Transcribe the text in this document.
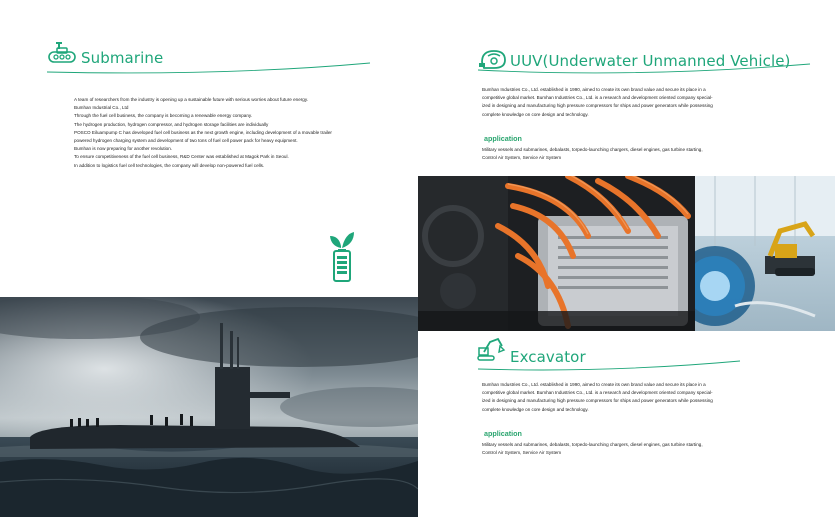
Submarine
A team of researchers from the industry is opening up a sustainable future with serious worries about future energy.
Bumhan Industrial Co., Ltd
Through the fuel cell business, the company is becoming a renewable energy company.
The hydrogen production, hydrogen compressor, and hydrogen storage facilities are individually
POSCO Eiluampump C has developed fuel cell business as the next growth engine, including development of a movable trailer
powered hydrogen charging system and development of two tons of fuel cell power pack for heavy equipment.
Bumhan is now preparing for another revolution.
To ensure competitiveness of the fuel cell business, R&D Center was established at Magok Park in Seoul.
In addition to logistics fuel cell technologies, the company will develop non-powered fuel cells.
UUV(Underwater Unmanned Vehicle)
Bumhan Industries Co., Ltd. established in 1990, aimed to create its own brand value and secure its place in a
competitive global market. Bumhan Industries Co., Ltd. is a research and development oriented company special-
ized in designing and manufacturing high pressure compressors for ships and power generators while possessing
complete knowledge on core design and technology.
application
Military vessels and submarines, debalasts, torpedo-launching chargers, diesel engines, gas turbine starting,
Control Air System, Service Air System
Excavator
Bumhan Industries Co., Ltd. established in 1990, aimed to create its own brand value and secure its place in a
competitive global market. Bumhan Industries Co., Ltd. is a research and development oriented company special-
ized in designing and manufacturing high pressure compressors for ships and power generators while possessing
complete knowledge on core design and technology.
application
Military vessels and submarines, debalasts, torpedo-launching chargers, diesel engines, gas turbine starting,
Control Air System, Service Air System
